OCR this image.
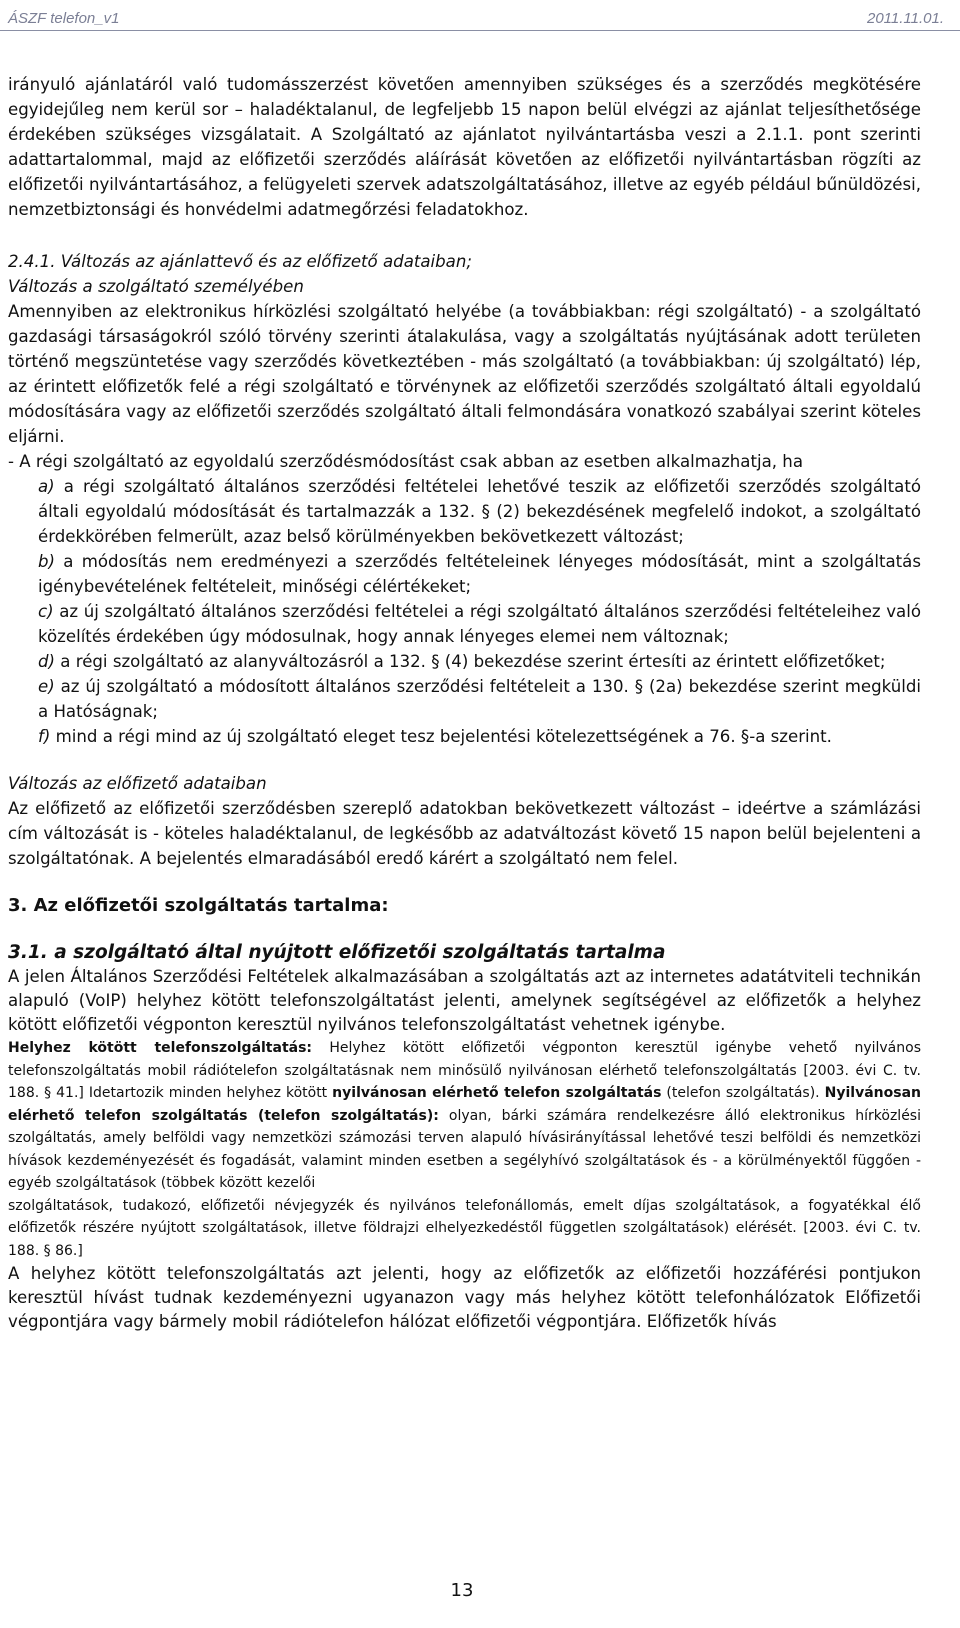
ÁSZF telefon_v1	2011.11.01.

irányuló ajánlatáról való tudomásszerzést követően amennyiben szükséges és a szerződés megkötésére egyidejűleg nem kerül sor – haladéktalanul, de legfeljebb 15 napon belül elvégzi az ajánlat teljesíthetősége érdekében szükséges vizsgálatait. A Szolgáltató az ajánlatot nyilvántartásba veszi a 2.1.1. pont szerinti adattartalommal, majd az előfizetői szerződés aláírását követően az előfizetői nyilvántartásban rögzíti az előfizetői nyilvántartásához, a felügyeleti szervek adatszolgáltatásához, illetve az egyéb például bűnüldözési, nemzetbiztonsági és honvédelmi adatmegőrzési feladatokhoz.

2.4.1. Változás az ajánlattevő és az előfizető adataiban;

Változás a szolgáltató személyében

Amennyiben az elektronikus hírközlési szolgáltató helyébe (a továbbiakban: régi szolgáltató) - a szolgáltató gazdasági társaságokról szóló törvény szerinti átalakulása, vagy a szolgáltatás nyújtásának adott területen történő megszüntetése vagy szerződés következtében - más szolgáltató (a továbbiakban: új szolgáltató) lép, az érintett előfizetők felé a régi szolgáltató e törvénynek az előfizetői szerződés szolgáltató általi egyoldalú módosítására vagy az előfizetői szerződés szolgáltató általi felmondására vonatkozó szabályai szerint köteles eljárni.

- A régi szolgáltató az egyoldalú szerződésmódosítást csak abban az esetben alkalmazhatja, ha

a) a régi szolgáltató általános szerződési feltételei lehetővé teszik az előfizetői szerződés szolgáltató általi egyoldalú módosítását és tartalmazzák a 132. § (2) bekezdésének megfelelő indokot, a szolgáltató érdekkörében felmerült, azaz belső körülményekben bekövetkezett változást;

b) a módosítás nem eredményezi a szerződés feltételeinek lényeges módosítását, mint a szolgáltatás igénybevételének feltételeit, minőségi célértékeket;

c) az új szolgáltató általános szerződési feltételei a régi szolgáltató általános szerződési feltételeihez való közelítés érdekében úgy módosulnak, hogy annak lényeges elemei nem változnak;

d) a régi szolgáltató az alanyváltozásról a 132. § (4) bekezdése szerint értesíti az érintett előfizetőket;

e) az új szolgáltató a módosított általános szerződési feltételeit a 130. § (2a) bekezdése szerint megküldi a Hatóságnak;

f) mind a régi mind az új szolgáltató eleget tesz bejelentési kötelezettségének a 76. §-a szerint.

Változás az előfizető adataiban

Az előfizető az előfizetői szerződésben szereplő adatokban bekövetkezett változást – ideértve a számlázási cím változását is - köteles haladéktalanul, de legkésőbb az adatváltozást követő 15 napon belül bejelenteni a szolgáltatónak. A bejelentés elmaradásából eredő kárért a szolgáltató nem felel.

3. Az előfizetői szolgáltatás tartalma:

3.1. a szolgáltató által nyújtott előfizetői szolgáltatás tartalma

A jelen Általános Szerződési Feltételek alkalmazásában a szolgáltatás azt az internetes adatátviteli technikán alapuló (VoIP) helyhez kötött telefonszolgáltatást jelenti, amelynek segítségével az előfizetők a helyhez kötött előfizetői végponton keresztül nyilvános telefonszolgáltatást vehetnek igénybe.

Helyhez kötött telefonszolgáltatás: Helyhez kötött előfizetői végponton keresztül igénybe vehető nyilvános telefonszolgáltatás mobil rádiótelefon szolgáltatásnak nem minősülő nyilvánosan elérhető telefonszolgáltatás [2003. évi C. tv. 188. § 41.] Idetartozik minden helyhez kötött nyilvánosan elérhető telefon szolgáltatás (telefon szolgáltatás). Nyilvánosan elérhető telefon szolgáltatás (telefon szolgáltatás): olyan, bárki számára rendelkezésre álló elektronikus hírközlési szolgáltatás, amely belföldi vagy nemzetközi számozási terven alapuló hívásirányítással lehetővé teszi belföldi és nemzetközi hívások kezdeményezését és fogadását, valamint minden esetben a segélyhívó szolgáltatások és - a körülményektől függően - egyéb szolgáltatások (többek között kezelői

szolgáltatások, tudakozó, előfizetői névjegyzék és nyilvános telefonállomás, emelt díjas szolgáltatások, a fogyatékkal élő előfizetők részére nyújtott szolgáltatások, illetve földrajzi elhelyezkedéstől független szolgáltatások) elérését. [2003. évi C. tv. 188. § 86.]

A helyhez kötött telefonszolgáltatás azt jelenti, hogy az előfizetők az előfizetői hozzáférési pontjukon keresztül hívást tudnak kezdeményezni ugyanazon vagy más helyhez kötött telefonhálózatok Előfizetői végpontjára vagy bármely mobil rádiótelefon hálózat előfizetői végpontjára. Előfizetők hívás

13
